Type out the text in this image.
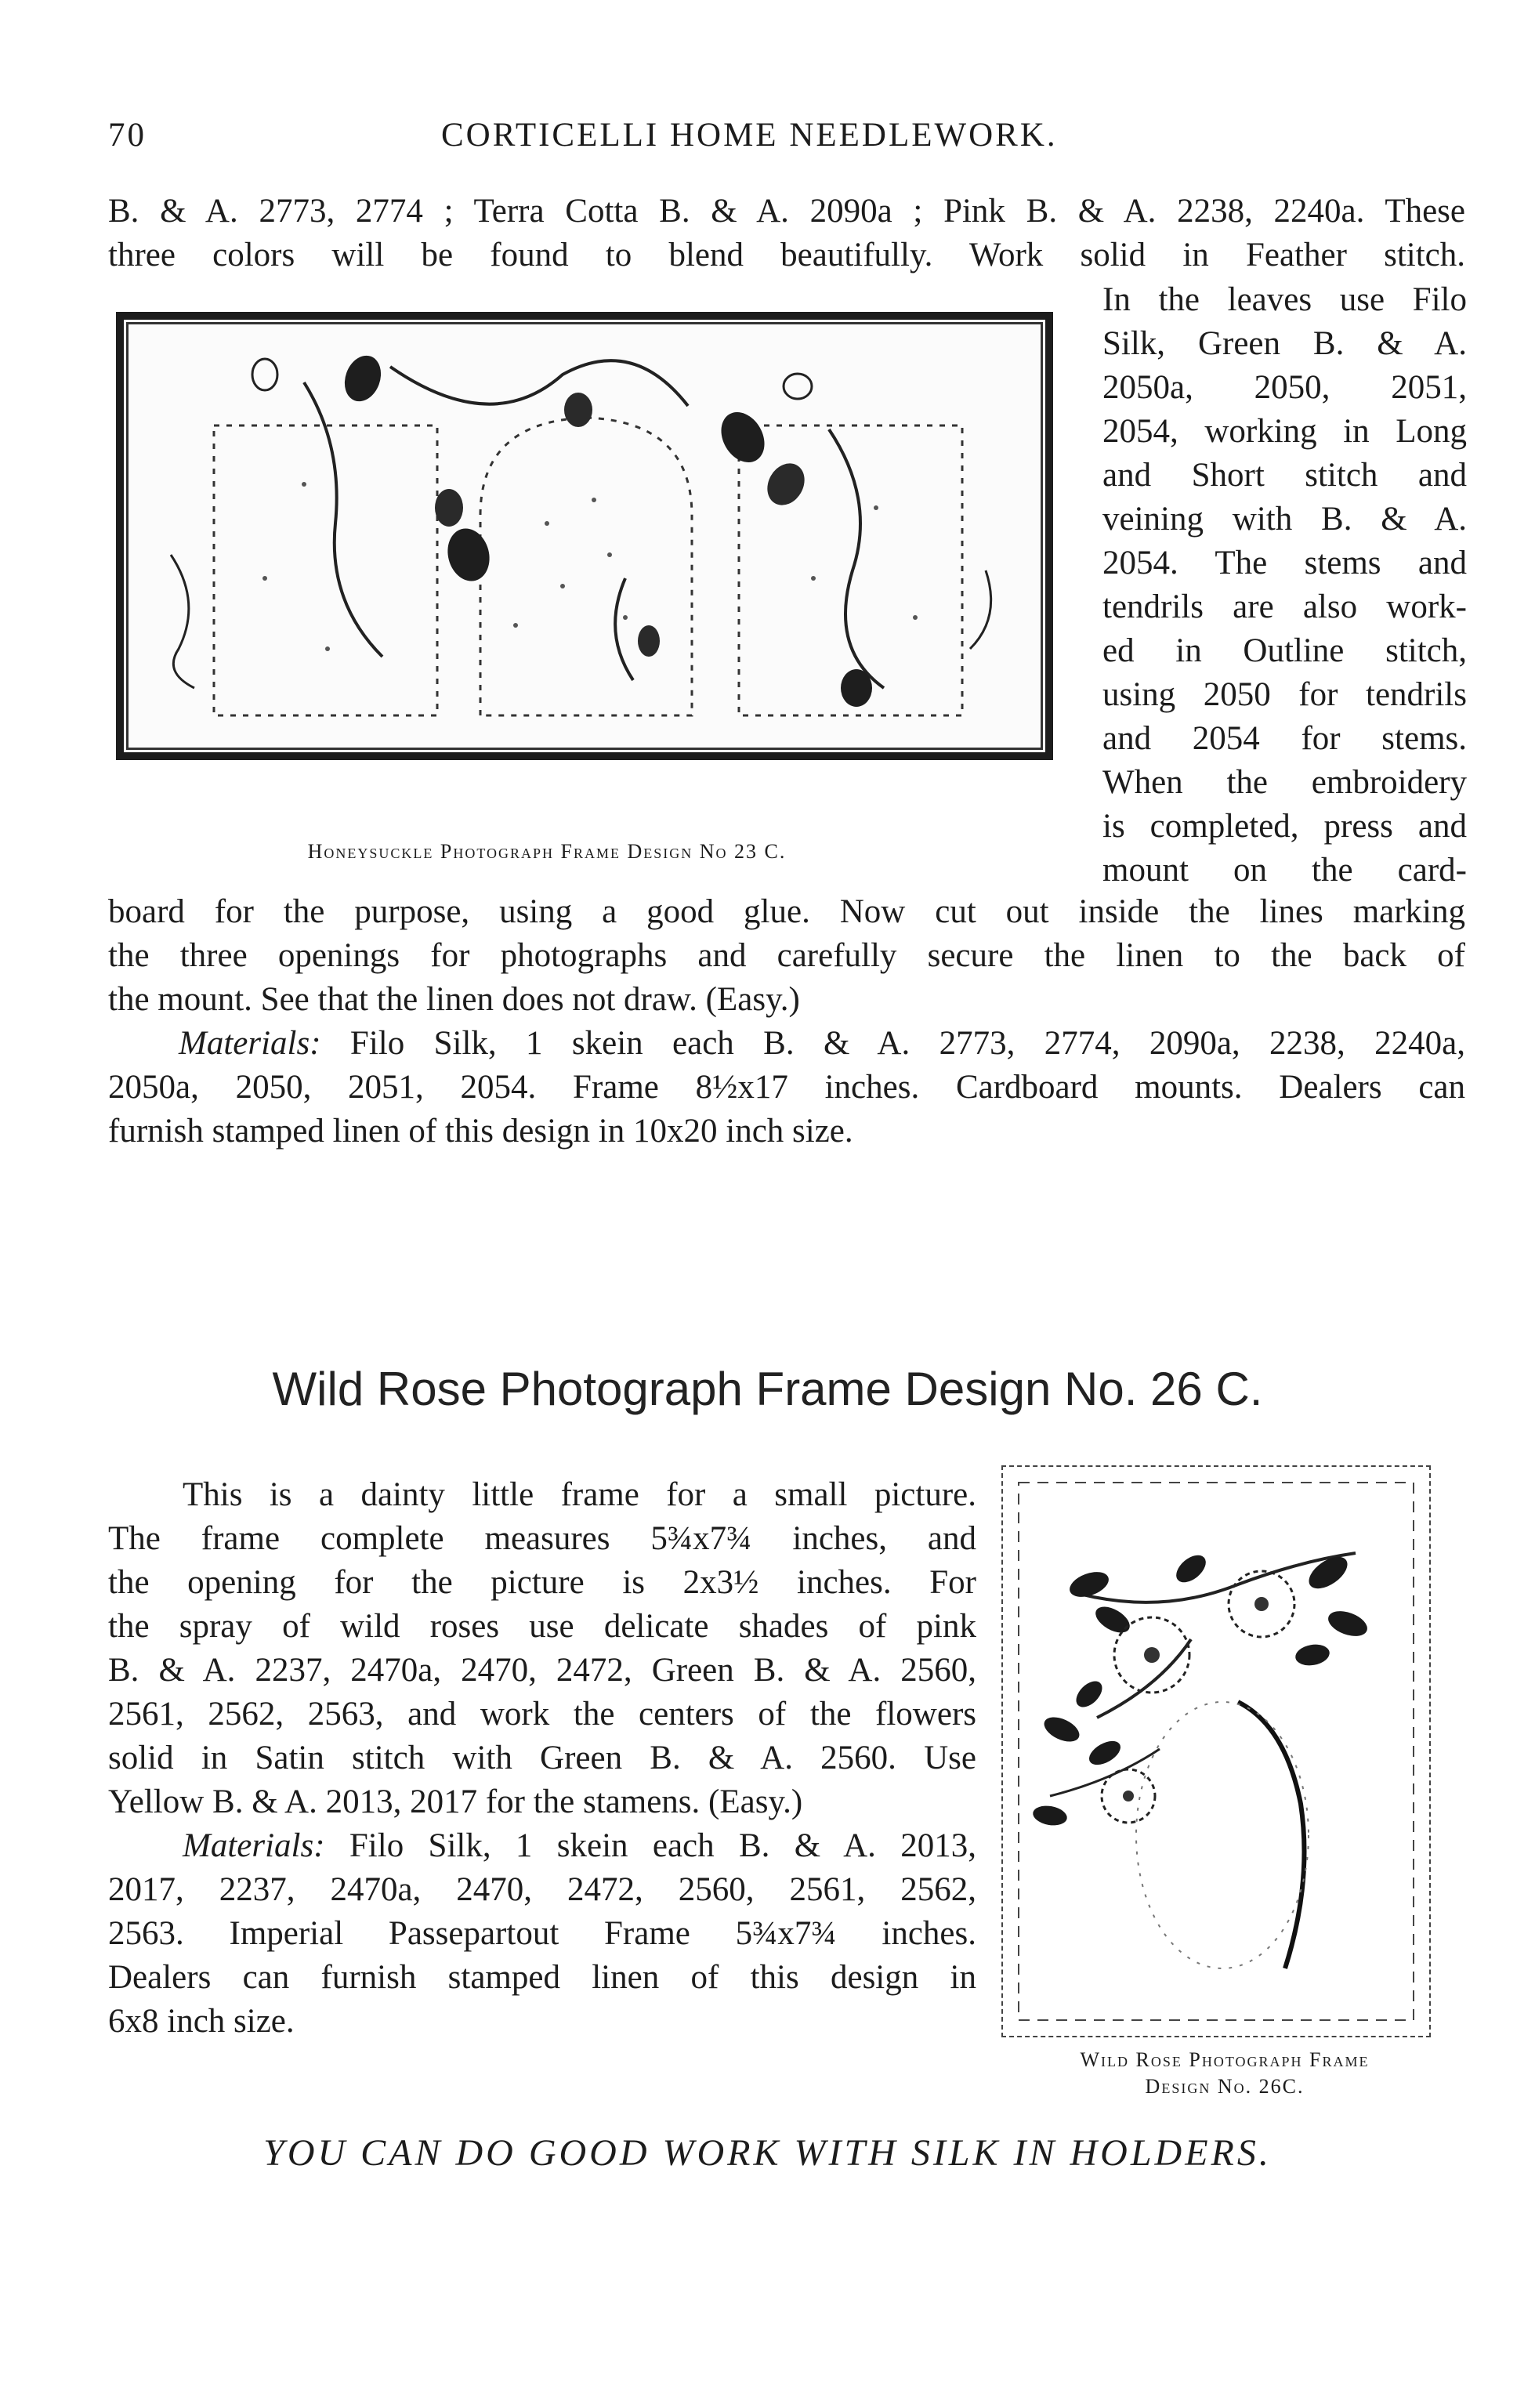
70	CORTICELLI HOME NEEDLEWORK.
B. & A. 2773, 2774 ; Terra Cotta B. & A. 2090a ; Pink B. & A. 2238, 2240a. These
three colors will be found to blend beautifully. Work solid in Feather stitch.
Honeysuckle Photograph Frame Design No 23 C.
In the leaves use Filo
Silk, Green B. & A.
2050a, 2050, 2051,
2054, working in Long
and Short stitch and
veining with B. & A.
2054. The stems and
tendrils are also work-
ed in Outline stitch,
using 2050 for tendrils
and 2054 for stems.
When the embroidery
is completed, press and
mount on the card-
board for the purpose, using a good glue. Now cut out inside the lines marking
the three openings for photographs and carefully secure the linen to the back of
the mount. See that the linen does not draw. (Easy.)
Materials: Filo Silk, 1 skein each B. & A. 2773, 2774, 2090a, 2238, 2240a,
2050a, 2050, 2051, 2054. Frame 8½x17 inches. Cardboard mounts. Dealers can
furnish stamped linen of this design in 10x20 inch size.
Wild Rose Photograph Frame Design No. 26 C.
This is a dainty little frame for a small picture.
The frame complete measures 5¾x7¾ inches, and
the opening for the picture is 2x3½ inches. For
the spray of wild roses use delicate shades of pink
B. & A. 2237, 2470a, 2470, 2472, Green B. & A. 2560,
2561, 2562, 2563, and work the centers of the flowers
solid in Satin stitch with Green B. & A. 2560. Use
Yellow B. & A. 2013, 2017 for the stamens. (Easy.)
Materials: Filo Silk, 1 skein each B. & A. 2013,
2017, 2237, 2470a, 2470, 2472, 2560, 2561, 2562,
2563. Imperial Passepartout Frame 5¾x7¾ inches.
Dealers can furnish stamped linen of this design in
6x8 inch size.
Wild Rose Photograph Frame
Design No. 26C.
YOU CAN DO GOOD WORK WITH SILK IN HOLDERS.
